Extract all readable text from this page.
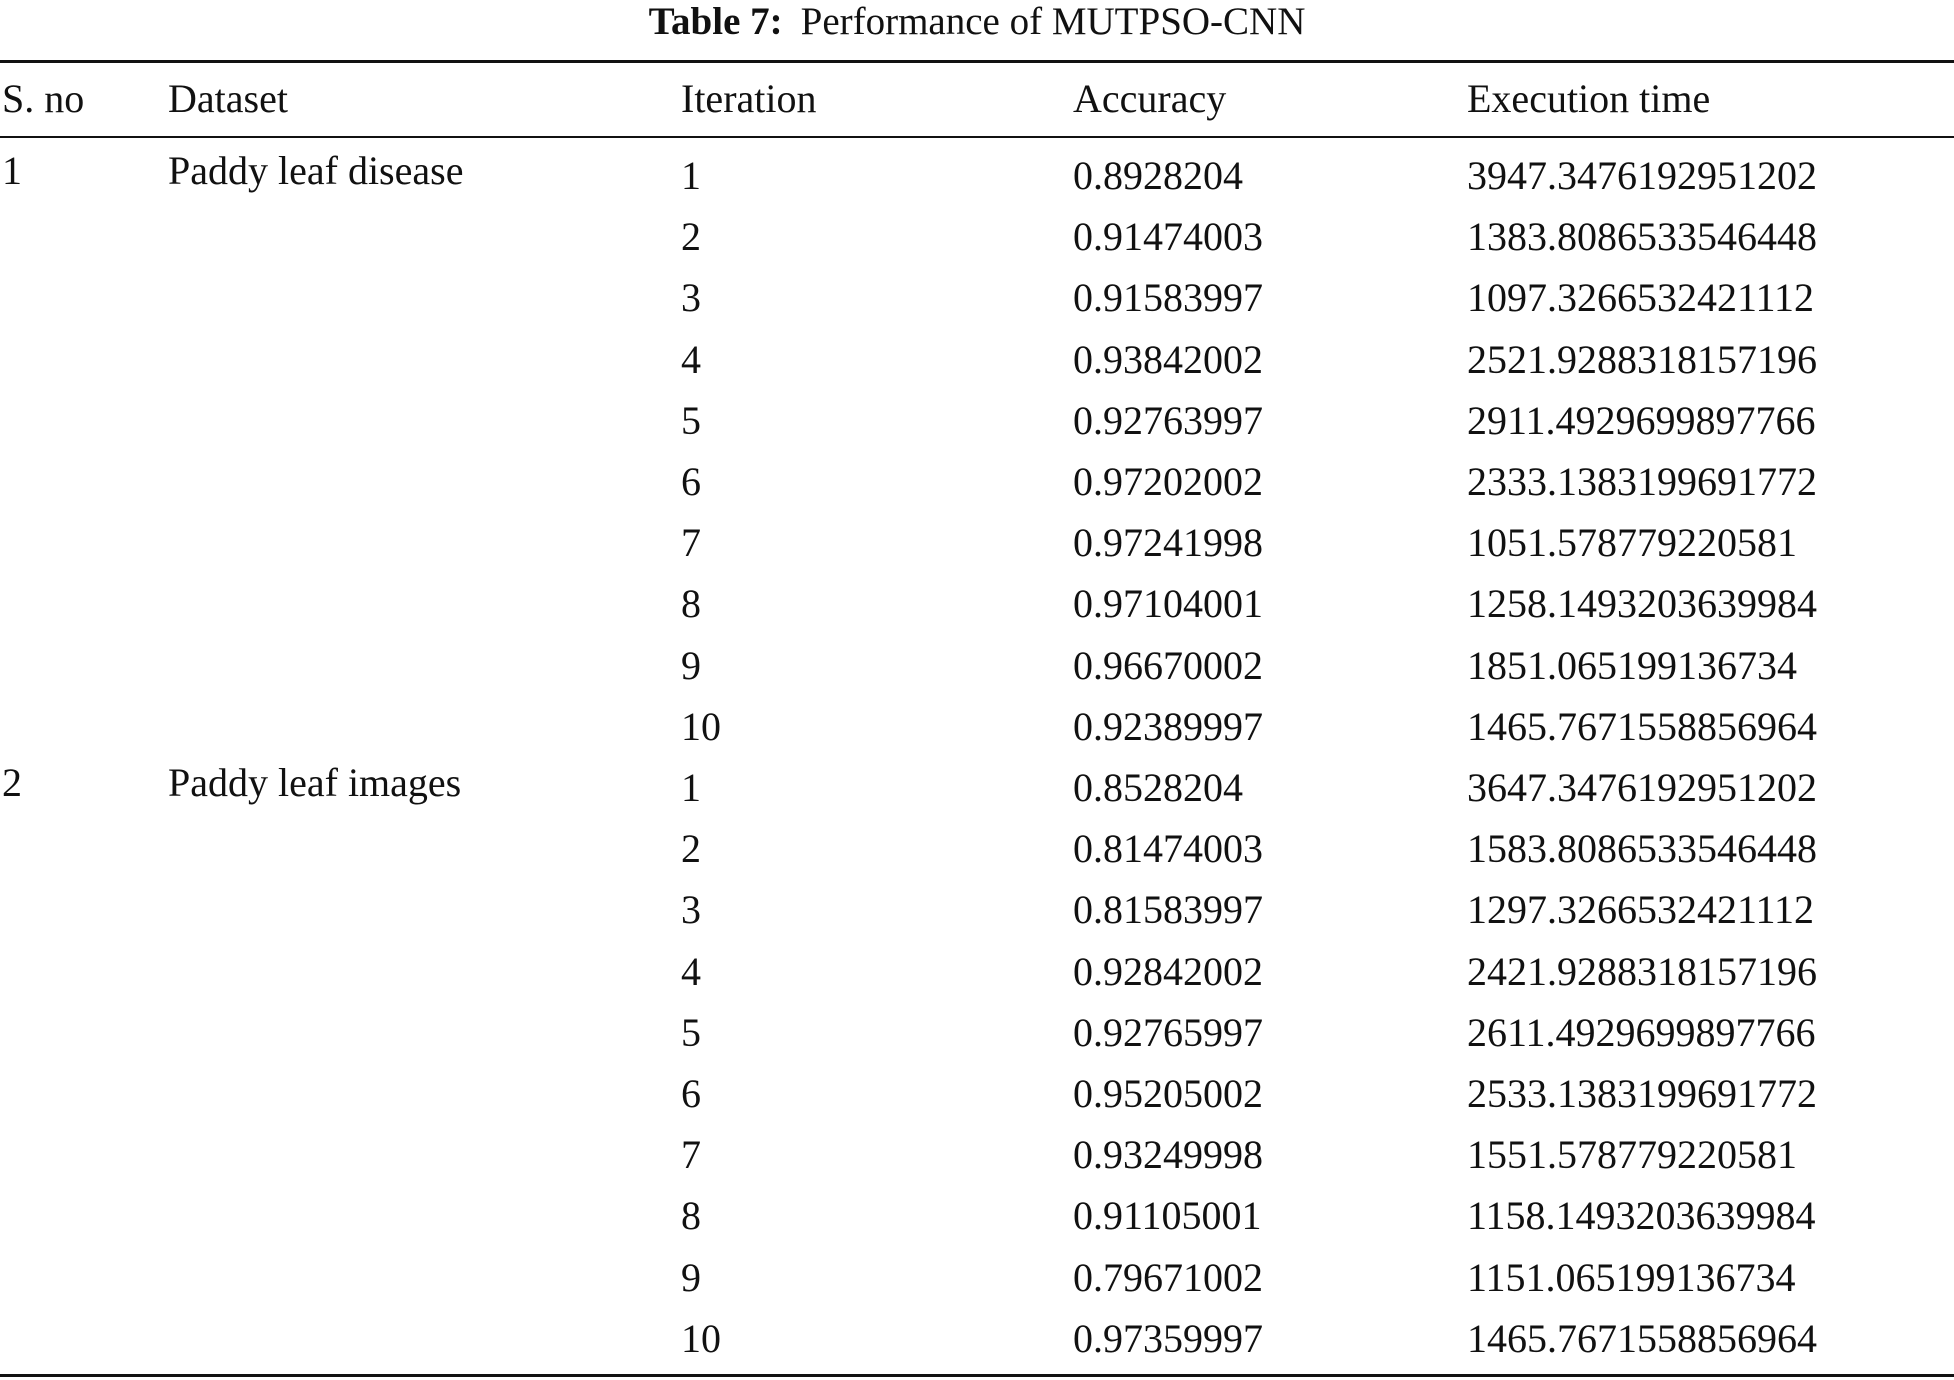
Table 7: Performance of MUTPSO-CNN
S. no Dataset	Iteration	Accuracy	Execution time
1	Paddy leaf disease	1	0.8928204	3947.3476192951202
2	0.91474003	1383.8086533546448
3	0.91583997	1097.3266532421112
4	0.93842002	2521.9288318157196
5	0.92763997	2911.4929699897766
6	0.97202002	2333.1383199691772
7	0.97241998	1051.578779220581
8	0.97104001	1258.1493203639984
9	0.96670002	1851.065199136734
10	0.92389997	1465.7671558856964
2	Paddy leaf images	1	0.8528204	3647.3476192951202
2	0.81474003	1583.8086533546448
3	0.81583997	1297.3266532421112
4	0.92842002	2421.9288318157196
5	0.92765997	2611.4929699897766
6	0.95205002	2533.1383199691772
7	0.93249998	1551.578779220581
8	0.91105001	1158.1493203639984
9	0.79671002	1151.065199136734
10	0.97359997	1465.7671558856964
